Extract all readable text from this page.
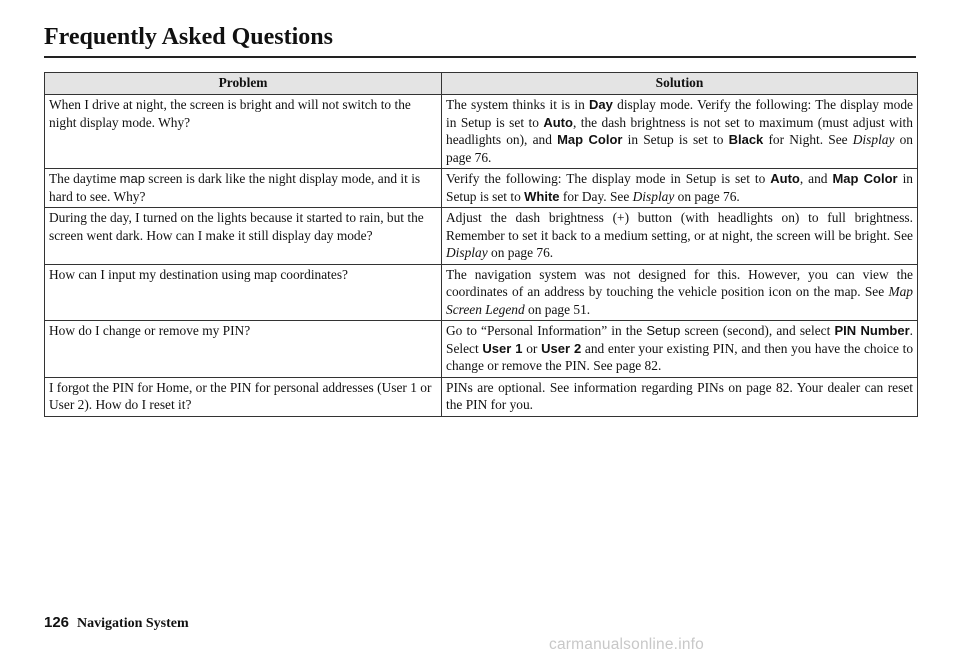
Frequently Asked Questions
Problem	Solution
When I drive at night, the screen is bright and will not switch to the night display mode. Why?	The system thinks it is in Day display mode. Verify the following: The display mode in Setup is set to Auto, the dash brightness is not set to maximum (must adjust with headlights on), and Map Color in Setup is set to Black for Night. See Display on page 76.
The daytime map screen is dark like the night display mode, and it is hard to see. Why?	Verify the following: The display mode in Setup is set to Auto, and Map Color in Setup is set to White for Day. See Display on page 76.
During the day, I turned on the lights because it started to rain, but the screen went dark. How can I make it still display day mode?	Adjust the dash brightness (+) button (with headlights on) to full brightness. Remember to set it back to a medium setting, or at night, the screen will be bright. See Display on page 76.
How can I input my destination using map coordinates?	The navigation system was not designed for this. However, you can view the coordinates of an address by touching the vehicle position icon on the map. See Map Screen Legend on page 51.
How do I change or remove my PIN?	Go to “Personal Information” in the Setup screen (second), and select PIN Number. Select User 1 or User 2 and enter your existing PIN, and then you have the choice to change or remove the PIN. See page 82.
I forgot the PIN for Home, or the PIN for personal addresses (User 1 or User 2). How do I reset it?	PINs are optional. See information regarding PINs on page 82. Your dealer can reset the PIN for you.
126 Navigation System
carmanualsonline.info
